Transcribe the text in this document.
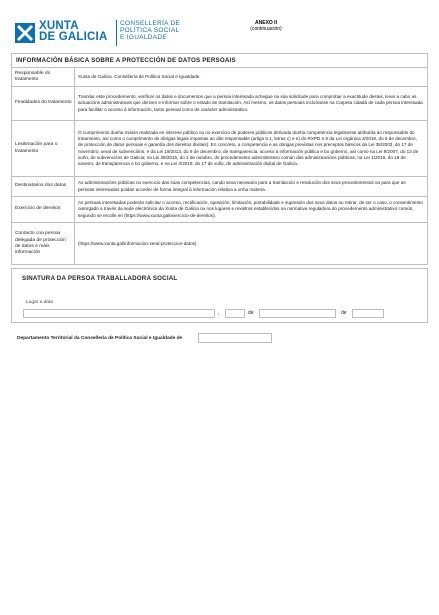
XUNTA
DE GALICIA
CONSELLERÍA DE
POLÍTICA SOCIAL
E IGUALDADE
ANEXO II
(continuación)
INFORMACIÓN BÁSICA SOBRE A PROTECCIÓN DE DATOS PERSOAIS
Responsable do tratamento
Xunta de Galicia. Consellería de Política Social e Igualdade.
Finalidades do tratamento
Tramitar este procedemento, verificar os datos e documentos que a persoa interesada achegue na súa solicitude para comprobar a exactitude destes, levar a cabo as actuacións administrativas que deriven e informar sobre o estado de tramitación. Así mesmo, os datos persoais incluíranse na Carpeta cidadá de cada persoa interesada para facilitar o acceso á información, tanto persoal como de carácter administrativo.
Lexitimación para o tratamento
O cumprimento dunha misión realizada en interese público ou no exercicio de poderes públicos derivada dunha competencia legalmente atribuída ao responsable do tratamento, así como o cumprimento de obrigas legais impostas ao dito responsable (artigo 6.1, letras c) e e) do RXPD e 8 da Lei orgánica 3/2018, do 5 de decembro, de protección de datos persoais e garantía dos dereitos dixitais). En concreto, a competencia e as obrigas previstas nos preceptos básicos da Lei 38/2003, do 17 de novembro, xeral de subvencións, e da Lei 19/2013, do 9 de decembro, de transparencia, acceso á información pública e bo goberno, así como na Lei 9/2007, do 13 de xuño, de subvencións de Galicia; na Lei 39/2015, do 1 de outubro, do procedemento administrativo común das administracións públicas; na Lei 1/2016, do 18 de xaneiro, de transparencia e bo goberno, e na Lei 4/2019, do 17 de xullo, de administración dixital de Galicia.
Destinatarios dos datos
As administracións públicas no exercicio das súas competencias, cando sexa necesario para a tramitación e resolución dos seus procedementos ou para que as persoas interesadas poidan acceder de forma integral á información relativa a unha materia.
Exercicio de dereitos
As persoas interesadas poderán solicitar o acceso, rectificación, oposición, limitación, portabilidade e supresión dos seus datos ou retirar, de ser o caso, o consentimento outorgado a través da sede electrónica da Xunta de Galicia ou nos lugares e rexistros establecidos na normativa reguladora do procedemento administrativo común, segundo se recolle en (https://www.xunta.gal/exercicio-de-dereitos).
Contacto coa persoa delegada de protección de datos e máis información
(https://www.xunta.gal/informacion-xeral-proteccion-datos)
SINATURA DA PERSOA TRABALLADORA SOCIAL
Lugar e data
,	de	de
Departamento Territorial da Consellería de Política Social e Igualdade de
